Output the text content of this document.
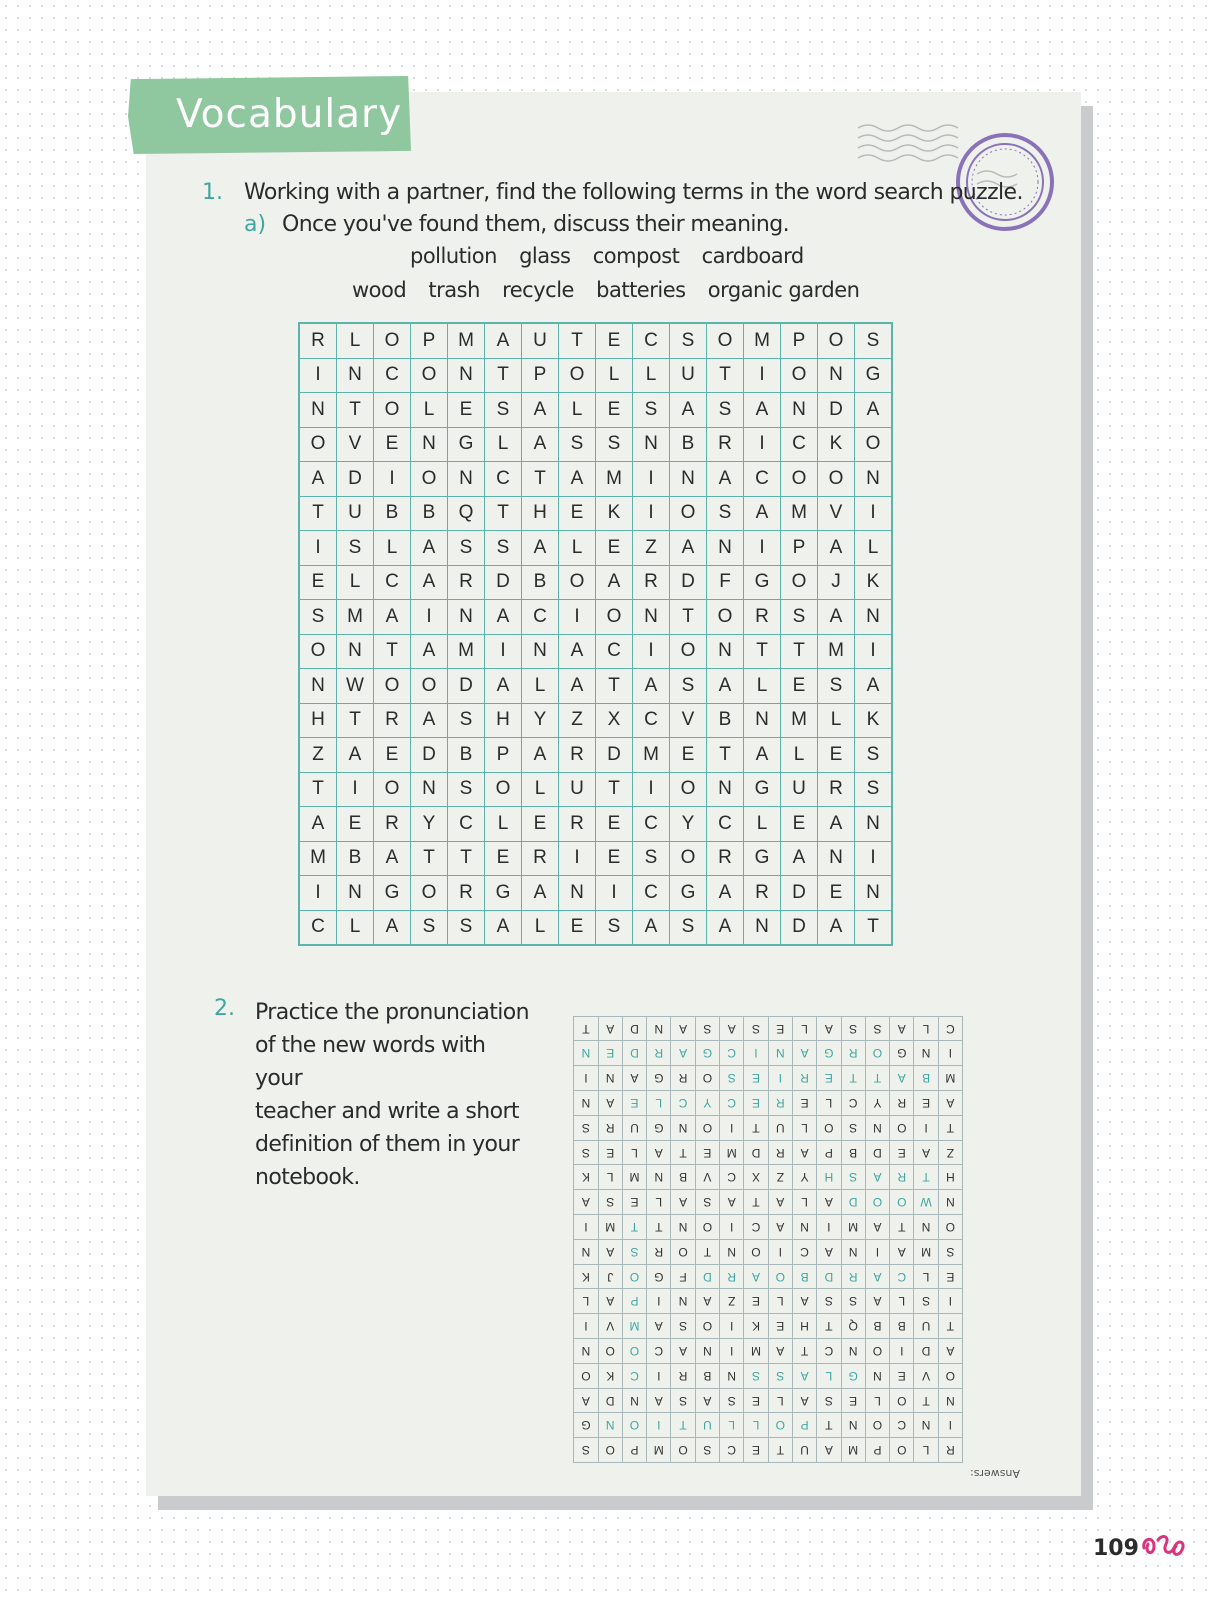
Vocabulary
1. Working with a partner, find the following terms in the word search puzzle.
a) Once you've found them, discuss their meaning.
pollution glass compost cardboard
wood trash recycle batteries organic garden
R	L	O	P	M	A	U	T	E	C	S	O	M	P	O	S
I	N	C	O	N	T	P	O	L	L	U	T	I	O	N	G
N	T	O	L	E	S	A	L	E	S	A	S	A	N	D	A
O	V	E	N	G	L	A	S	S	N	B	R	I	C	K	O
A	D	I	O	N	C	T	A	M	I	N	A	C	O	O	N
T	U	B	B	Q	T	H	E	K	I	O	S	A	M	V	I
I	S	L	A	S	S	A	L	E	Z	A	N	I	P	A	L
E	L	C	A	R	D	B	O	A	R	D	F	G	O	J	K
S	M	A	I	N	A	C	I	O	N	T	O	R	S	A	N
O	N	T	A	M	I	N	A	C	I	O	N	T	T	M	I
N	W	O	O	D	A	L	A	T	A	S	A	L	E	S	A
H	T	R	A	S	H	Y	Z	X	C	V	B	N	M	L	K
Z	A	E	D	B	P	A	R	D	M	E	T	A	L	E	S
T	I	O	N	S	O	L	U	T	I	O	N	G	U	R	S
A	E	R	Y	C	L	E	R	E	C	Y	C	L	E	A	N
M	B	A	T	T	E	R	I	E	S	O	R	G	A	N	I
I	N	G	O	R	G	A	N	I	C	G	A	R	D	E	N
C	L	A	S	S	A	L	E	S	A	S	A	N	D	A	T
2. Practice the pronunciation
of the new words with your
teacher and write a short
definition of them in your
notebook.
R	L	O	P	M	A	U	T	E	C	S	O	M	P	O	S
I	N	C	O	N	T	P	O	L	L	U	T	I	O	N	G
N	T	O	L	E	S	A	L	E	S	A	S	A	N	D	A
O	V	E	N	G	L	A	S	S	N	B	R	I	C	K	O
A	D	I	O	N	C	T	A	M	I	N	A	C	O	O	N
T	U	B	B	Q	T	H	E	K	I	O	S	A	M	V	I
I	S	L	A	S	S	A	L	E	Z	A	N	I	P	A	L
E	L	C	A	R	D	B	O	A	R	D	F	G	O	J	K
S	M	A	I	N	A	C	I	O	N	T	O	R	S	A	N
O	N	T	A	M	I	N	A	C	I	O	N	T	T	M	I
N	W	O	O	D	A	L	A	T	A	S	A	L	E	S	A
H	T	R	A	S	H	Y	Z	X	C	V	B	N	M	L	K
Z	A	E	D	B	P	A	R	D	M	E	T	A	L	E	S
T	I	O	N	S	O	L	U	T	I	O	N	G	U	R	S
A	E	R	Y	C	L	E	R	E	C	Y	C	L	E	A	N
M	B	A	T	T	E	R	I	E	S	O	R	G	A	N	I
I	N	G	O	R	G	A	N	I	C	G	A	R	D	E	N
C	L	A	S	S	A	L	E	S	A	S	A	N	D	A	T
Answers:
109
